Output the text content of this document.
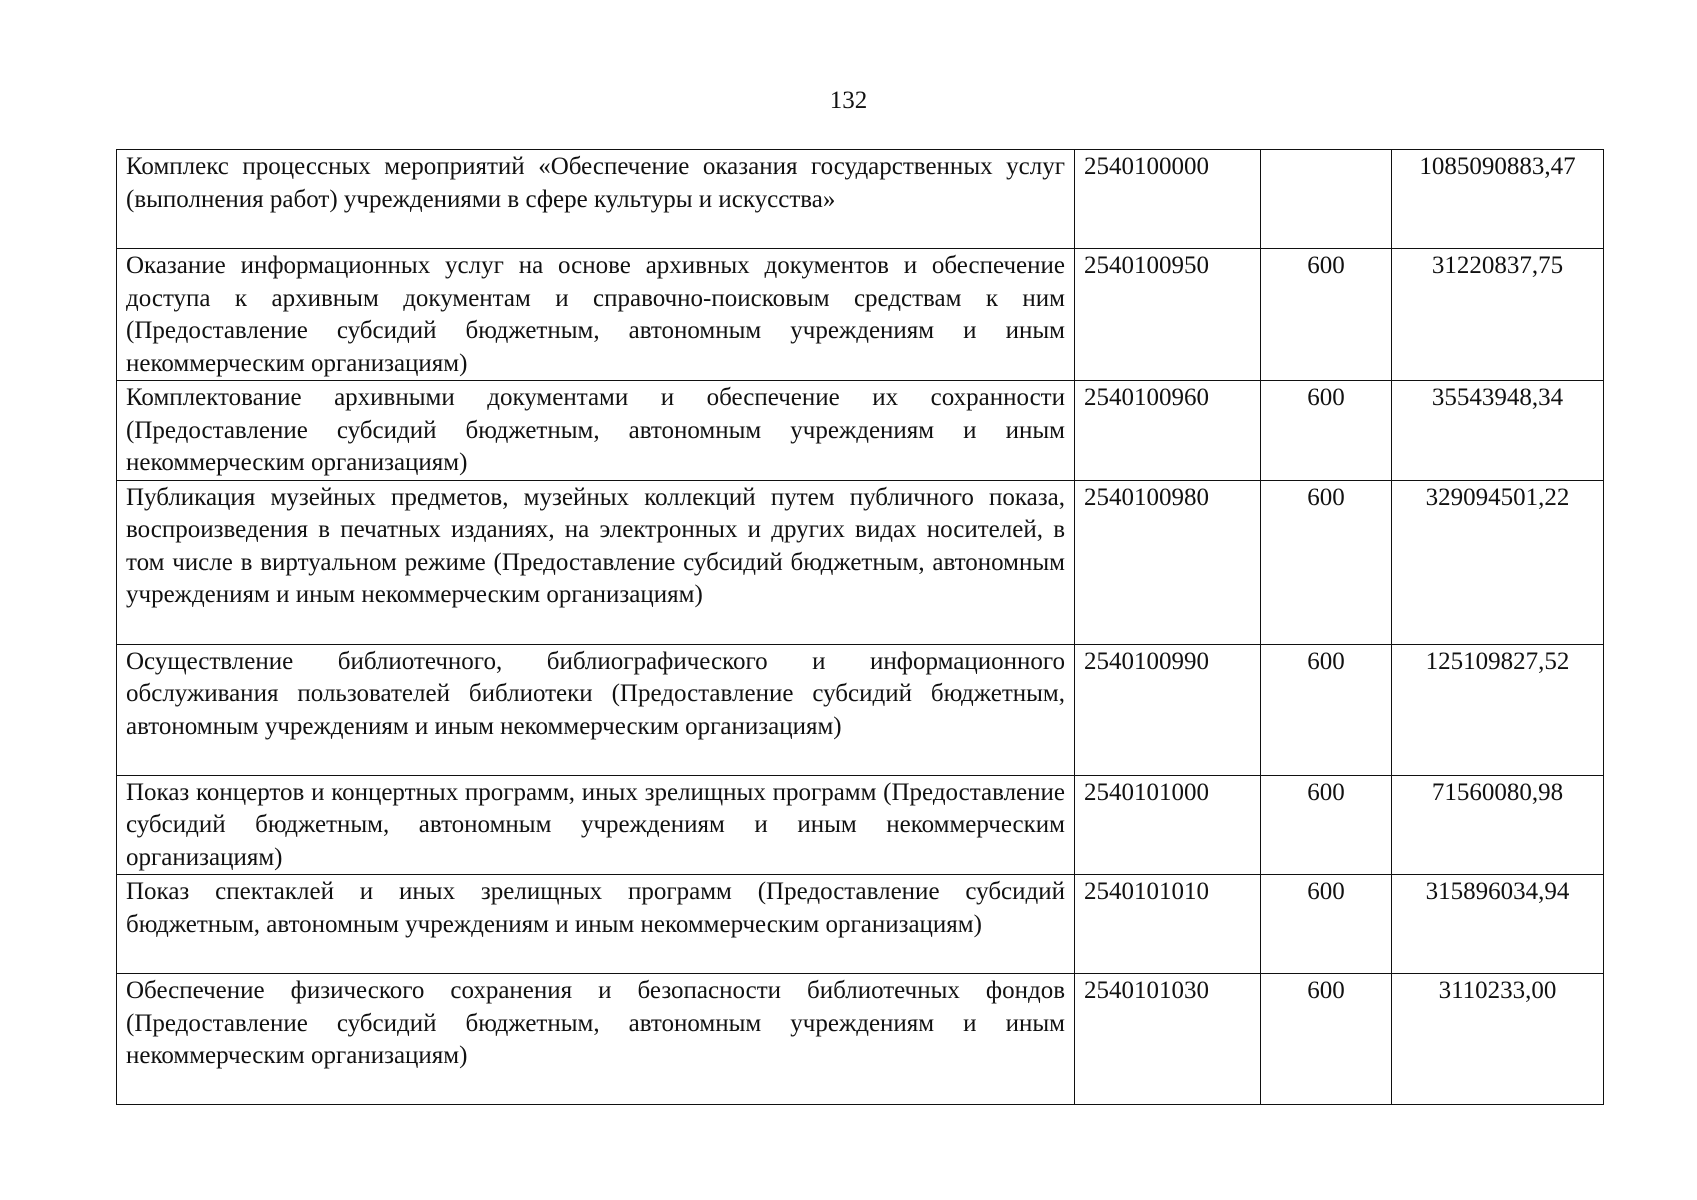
132
Комплекс процессных мероприятий «Обеспечение оказания государственных услуг (выполнения работ) учреждениями в сфере культуры и искусства»	2540100000		1085090883,47
Оказание информационных услуг на основе архивных документов и обеспечение доступа к архивным документам и справочно-поисковым средствам к ним (Предоставление субсидий бюджетным, автономным учреждениям и иным некоммерческим организациям)	2540100950	600	31220837,75
Комплектование архивными документами и обеспечение их сохранности (Предоставление субсидий бюджетным, автономным учреждениям и иным некоммерческим организациям)	2540100960	600	35543948,34
Публикация музейных предметов, музейных коллекций путем публичного показа, воспроизведения в печатных изданиях, на электронных и других видах носителей, в том числе в виртуальном режиме (Предоставление субсидий бюджетным, автономным учреждениям и иным некоммерческим организациям)	2540100980	600	329094501,22
Осуществление библиотечного, библиографического и информационного обслуживания пользователей библиотеки (Предоставление субсидий бюджетным, автономным учреждениям и иным некоммерческим организациям)	2540100990	600	125109827,52
Показ концертов и концертных программ, иных зрелищных программ (Предоставление субсидий бюджетным, автономным учреждениям и иным некоммерческим организациям)	2540101000	600	71560080,98
Показ спектаклей и иных зрелищных программ (Предоставление субсидий бюджетным, автономным учреждениям и иным некоммерческим организациям)	2540101010	600	315896034,94
Обеспечение физического сохранения и безопасности библиотечных фондов (Предоставление субсидий бюджетным, автономным учреждениям и иным некоммерческим организациям)	2540101030	600	3110233,00
